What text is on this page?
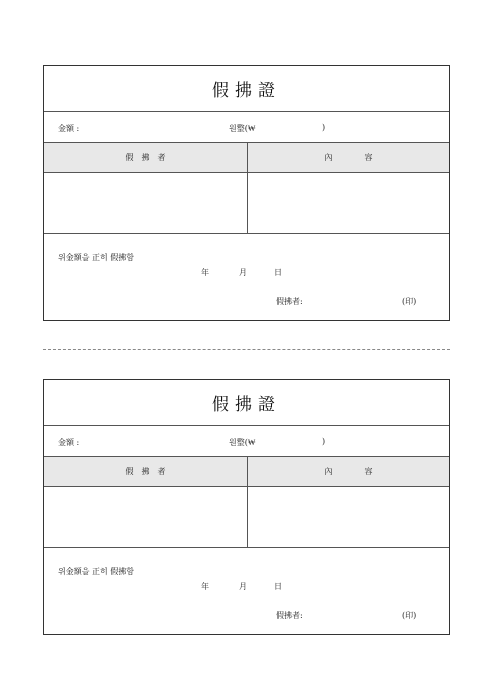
假拂證
金額 :	원整(₩	)
假　拂　者	內　　　　容
위金額을 正히 假拂함
年	月	日
假拂者:	(印)
假拂證
金額 :	원整(₩	)
假　拂　者	內　　　　容
위金額을 正히 假拂함
年	月	日
假拂者:	(印)
